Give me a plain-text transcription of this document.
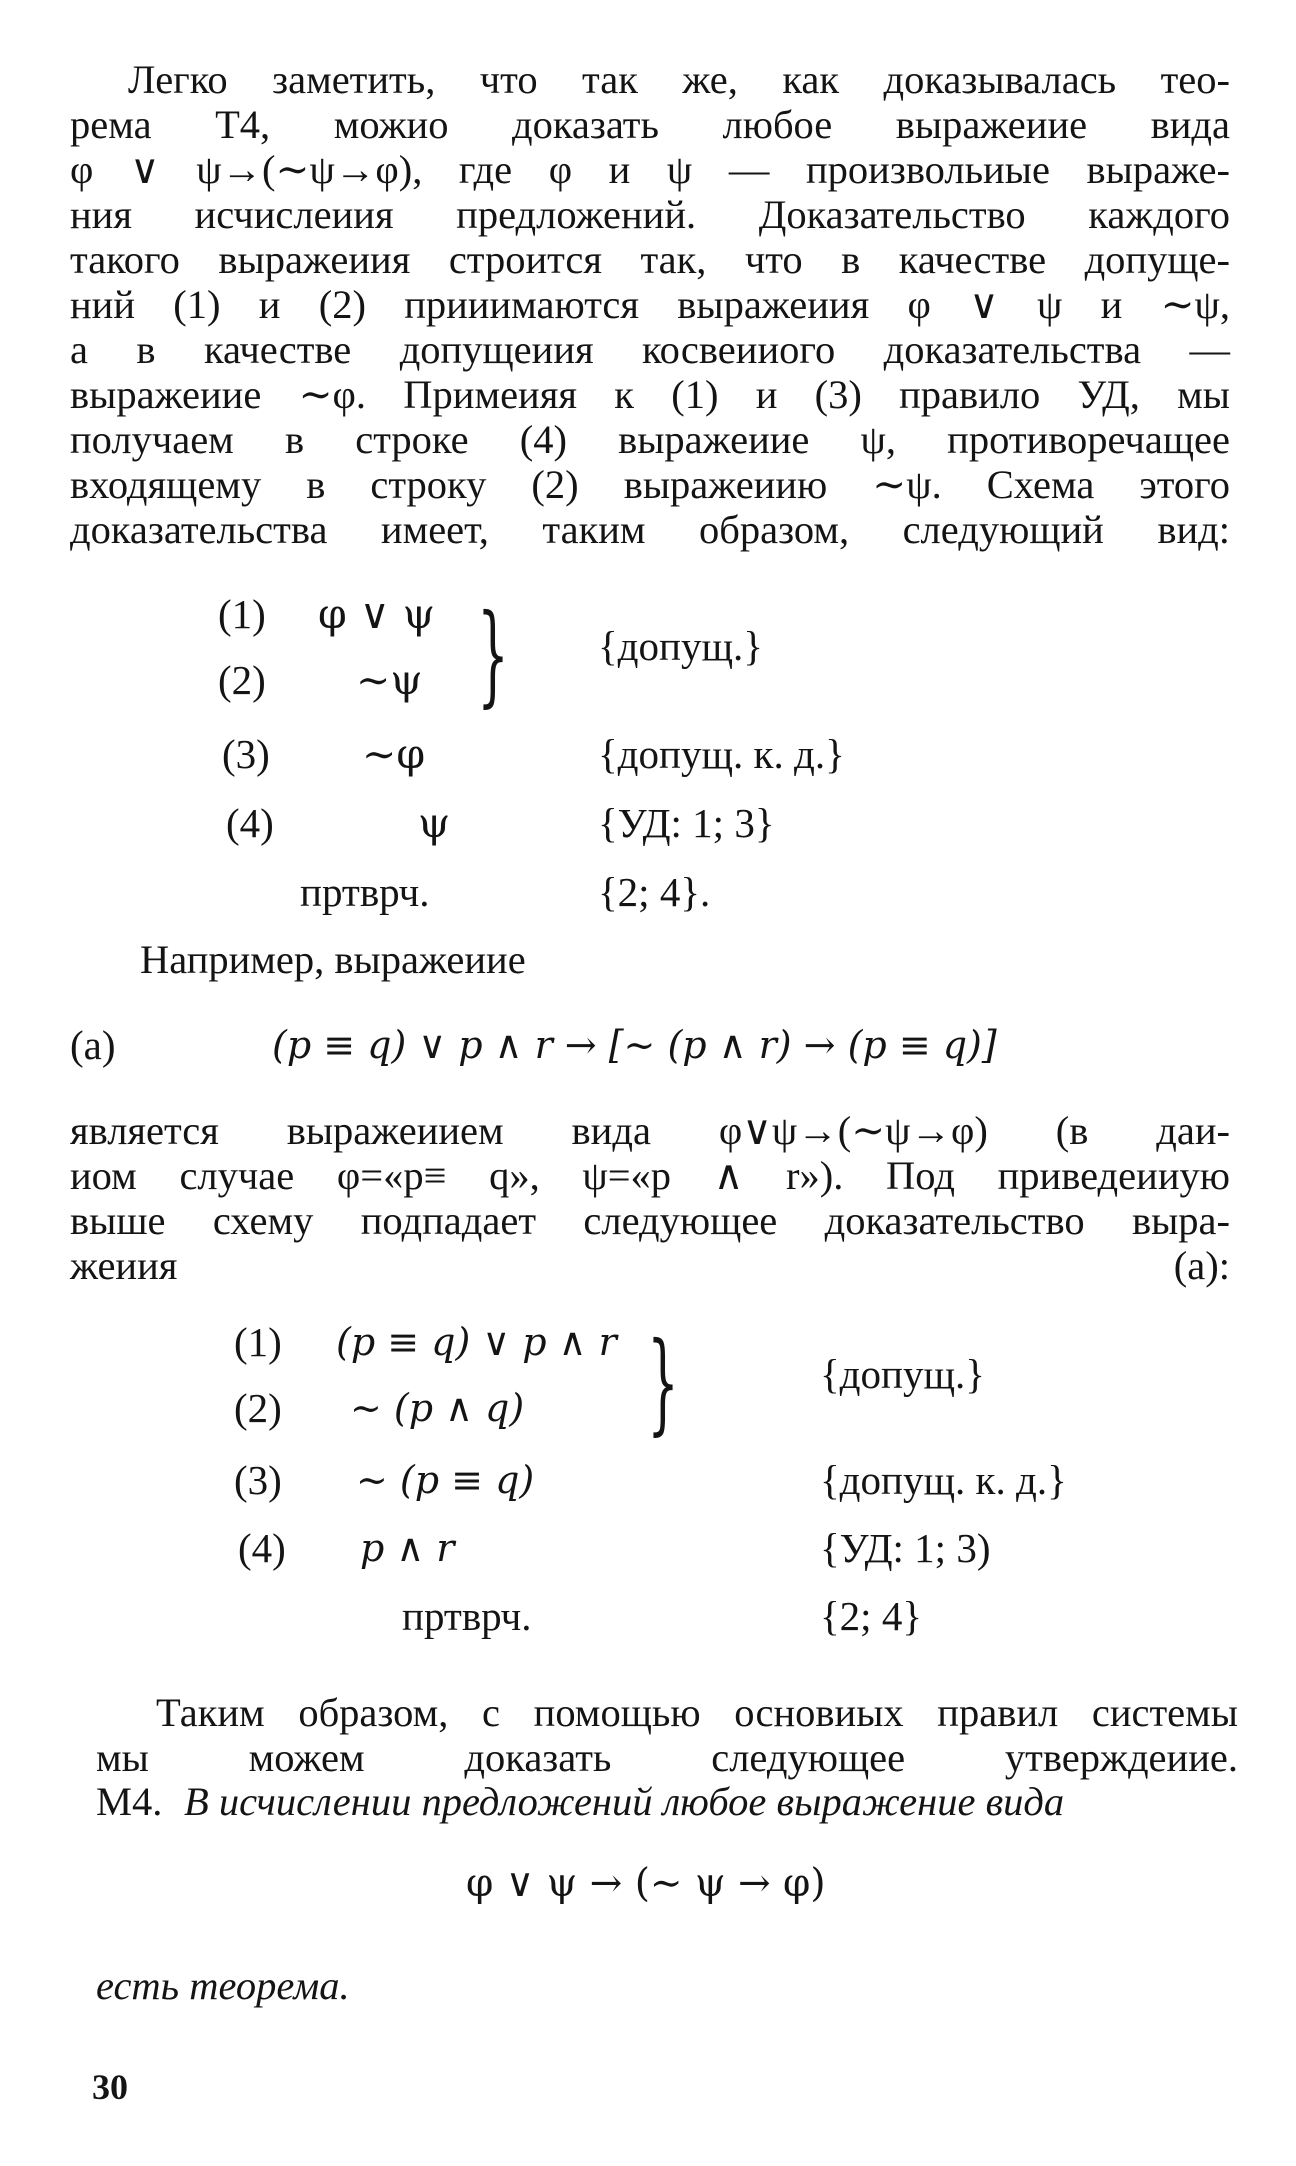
Легко заметить, что так же, как доказывалась тео-
рема Т4, можио доказать любое выражеиие вида
φ ∨ ψ→(∼ψ→φ), где φ и ψ — произвольиые выраже-
ния исчислеиия предложений. Доказательство каждого
такого выражеиия строится так, что в качестве допуще-
ний (1) и (2) прииимаются выражеиия φ ∨ ψ и ∼ψ,
а в качестве допущеиия косвеииого доказательства —
выражеиие ∼φ. Примеияя к (1) и (3) правило УД, мы
получаем в строке (4) выражеиие ψ, противоречащее
входящему в строку (2) выражеиию ∼ψ. Схема этого
доказательства имеет, таким образом, следующий вид:
(1) φ ∨ ψ
(2) ∼ψ } {допущ.}
(3) ∼φ	{допущ. к. д.}
(4)	ψ	{УД: 1; 3}
пртврч.	{2; 4}.
Например, выражеиие
(a)	(p ≡ q) ∨ p ∧ r → [∼ (p ∧ r) → (p ≡ q)]
является выражеиием вида φ∨ψ→(∼ψ→φ) (в даи-
иом случае φ=«p≡ q», ψ=«p ∧ r»). Под приведеииую
выше схему подпадает следующее доказательство выра-
жеиия (a):
(1) (p ≡ q) ∨ p ∧ r
(2) ∼ (p ∧ q) }	{допущ.}
(3) ∼ (p ≡ q)	{допущ. к. д.}
(4) p ∧ r	{УД: 1; 3)
пртврч.	{2; 4}
Таким образом, с помощью основиых правил системы
мы можем доказать следующее утверждеиие.
М4. В исчислении предложений любое выражение вида
φ ∨ ψ → (∼ ψ → φ)
есть теорема.
30
